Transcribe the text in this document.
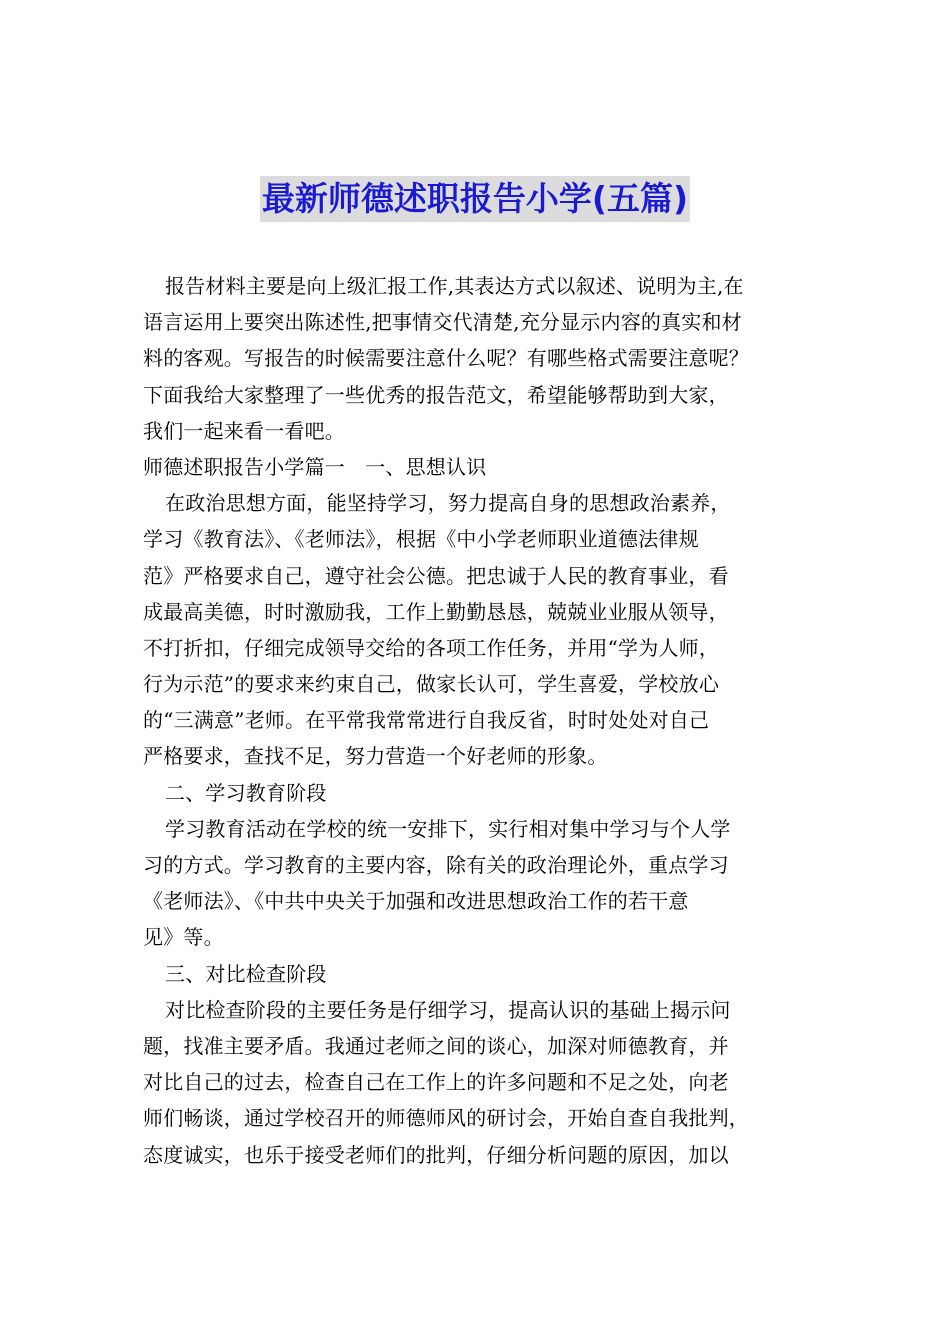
最新师德述职报告小学(五篇)
报告材料主要是向上级汇报工作,其表达方式以叙述、说明为主,在
语言运用上要突出陈述性,把事情交代清楚,充分显示内容的真实和材
料的客观。写报告的时候需要注意什么呢？有哪些格式需要注意呢？
下面我给大家整理了一些优秀的报告范文，希望能够帮助到大家，
我们一起来看一看吧。
师德述职报告小学篇一　一、思想认识
在政治思想方面，能坚持学习，努力提高自身的思想政治素养，
学习《教育法》、《老师法》，根据《中小学老师职业道德法律规
范》严格要求自己，遵守社会公德。把忠诚于人民的教育事业，看
成最高美德，时时激励我，工作上勤勤恳恳，兢兢业业服从领导，
不打折扣，仔细完成领导交给的各项工作任务，并用“学为人师，
行为示范”的要求来约束自己，做家长认可，学生喜爱，学校放心
的“三满意”老师。在平常我常常进行自我反省，时时处处对自己
严格要求，查找不足，努力营造一个好老师的形象。
二、学习教育阶段
学习教育活动在学校的统一安排下，实行相对集中学习与个人学
习的方式。学习教育的主要内容，除有关的政治理论外，重点学习
《老师法》、《中共中央关于加强和改进思想政治工作的若干意
见》等。
三、对比检查阶段
对比检查阶段的主要任务是仔细学习，提高认识的基础上揭示问
题，找准主要矛盾。我通过老师之间的谈心，加深对师德教育，并
对比自己的过去，检查自己在工作上的许多问题和不足之处，向老
师们畅谈，通过学校召开的师德师风的研讨会，开始自查自我批判，
态度诚实，也乐于接受老师们的批判，仔细分析问题的原因，加以
